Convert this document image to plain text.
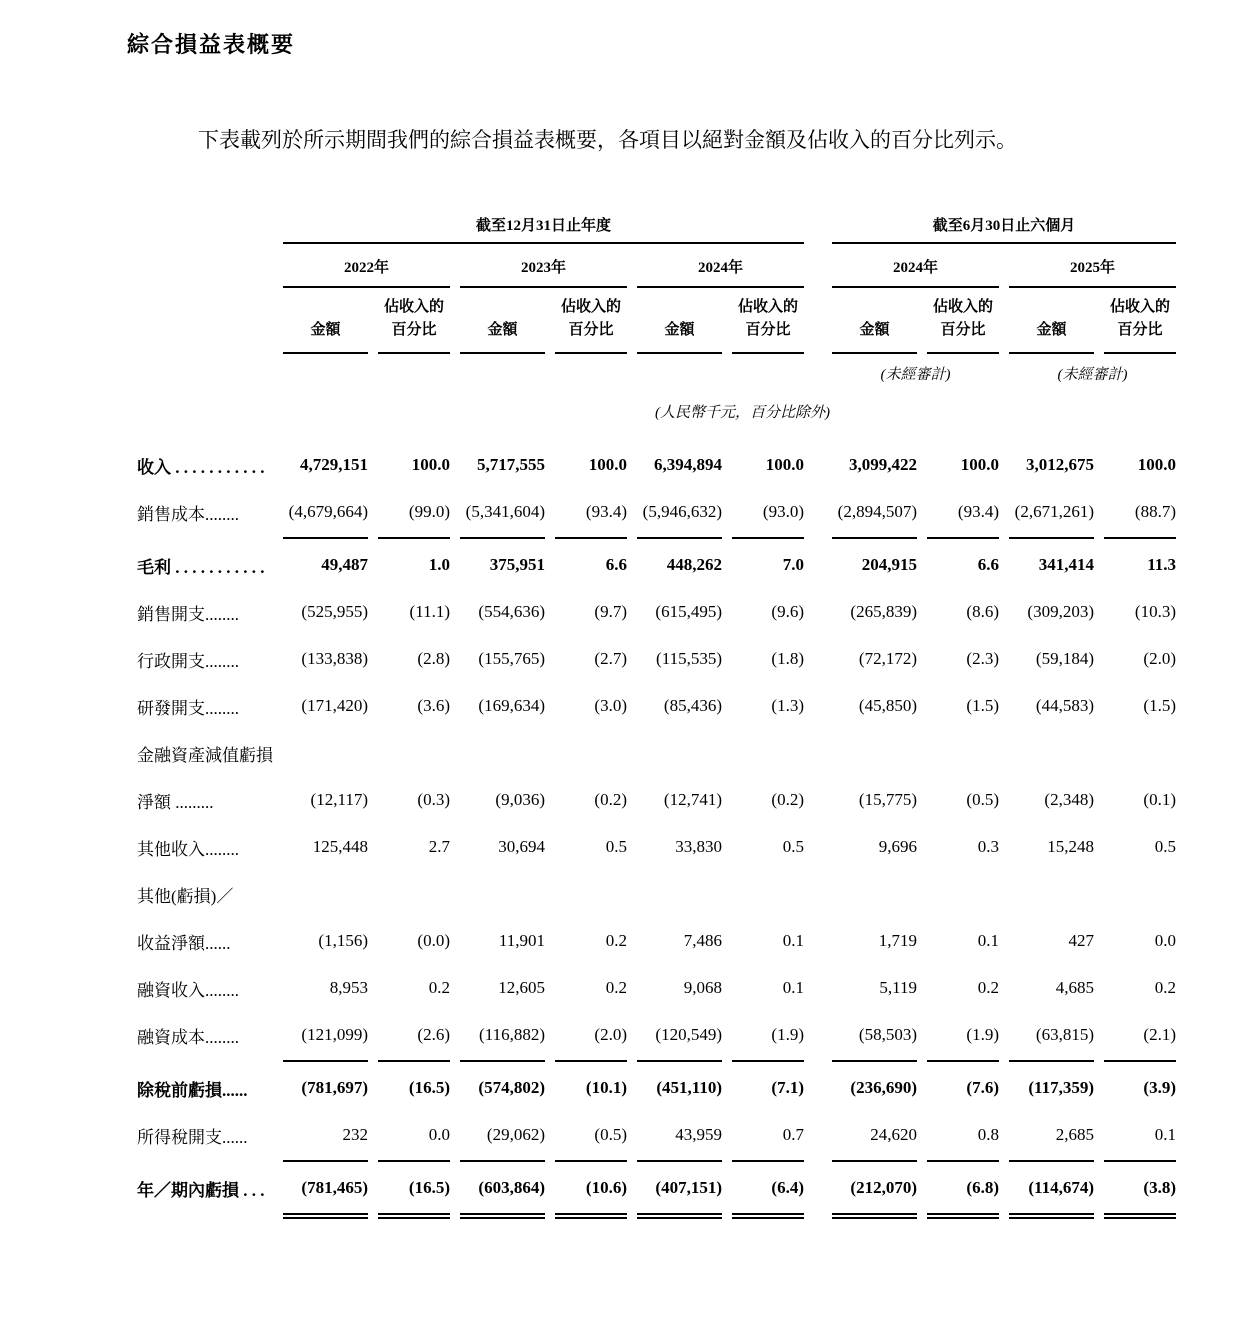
綜合損益表概要

下表載列於所示期間我們的綜合損益表概要，各項目以絕對金額及佔收入的百分比列示。

	截至12月31日止年度							截至6月30日止六個月			
	2022年		2023年		2024年			2024年		2025年	
	金額	
佔收入的
百分比	金額	
佔收入的
百分比	金額	
佔收入的
百分比		金額	
佔收入的
百分比	金額	
佔收入的
百分比

								(未經審計)		(未經審計)	
	(人民幣千元，百分比除外)										
收入 . . . . . . . . . . .	4,729,151	100.0	5,717,555	100.0	6,394,894	100.0		3,099,422	100.0	3,012,675	100.0
銷售成本........	(4,679,664)	(99.0)	(5,341,604)	(93.4)	(5,946,632)	(93.0)		(2,894,507)	(93.4)	(2,671,261)	(88.7)

毛利 . . . . . . . . . . .	49,487	1.0	375,951	6.6	448,262	7.0		204,915	6.6	341,414	11.3
銷售開支........	(525,955)	(11.1)	(554,636)	(9.7)	(615,495)	(9.6)		(265,839)	(8.6)	(309,203)	(10.3)
行政開支........	(133,838)	(2.8)	(155,765)	(2.7)	(115,535)	(1.8)		(72,172)	(2.3)	(59,184)	(2.0)
研發開支........	(171,420)	(3.6)	(169,634)	(3.0)	(85,436)	(1.3)		(45,850)	(1.5)	(44,583)	(1.5)
金融資產減值虧損											
淨額 .........	(12,117)	(0.3)	(9,036)	(0.2)	(12,741)	(0.2)		(15,775)	(0.5)	(2,348)	(0.1)
其他收入........	125,448	2.7	30,694	0.5	33,830	0.5		9,696	0.3	15,248	0.5
其他(虧損)／											
收益淨額......	(1,156)	(0.0)	11,901	0.2	7,486	0.1		1,719	0.1	427	0.0
融資收入........	8,953	0.2	12,605	0.2	9,068	0.1		5,119	0.2	4,685	0.2
融資成本........	(121,099)	(2.6)	(116,882)	(2.0)	(120,549)	(1.9)		(58,503)	(1.9)	(63,815)	(2.1)

除稅前虧損......	(781,697)	(16.5)	(574,802)	(10.1)	(451,110)	(7.1)		(236,690)	(7.6)	(117,359)	(3.9)
所得稅開支......	232	0.0	(29,062)	(0.5)	43,959	0.7		24,620	0.8	2,685	0.1

年／期內虧損 . . .	(781,465)	(16.5)	(603,864)	(10.6)	(407,151)	(6.4)		(212,070)	(6.8)	(114,674)	(3.8)
